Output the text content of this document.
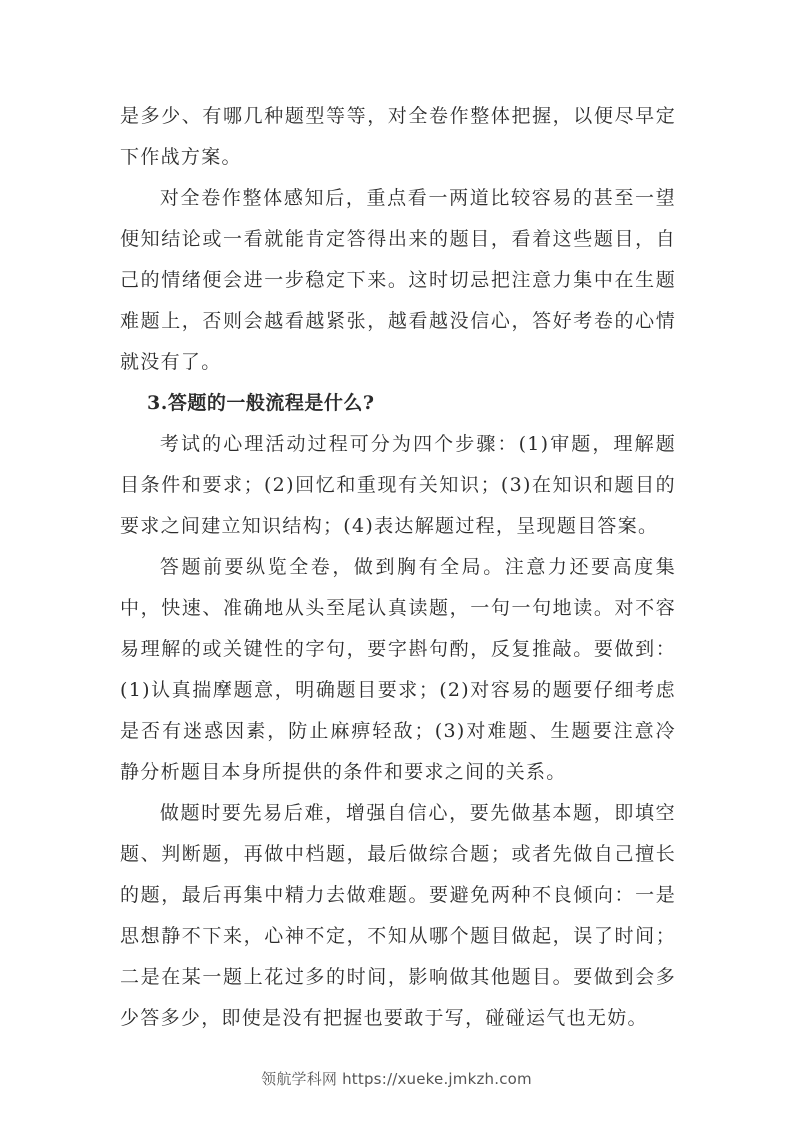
是多少、有哪几种题型等等，对全卷作整体把握，以便尽早定下作战方案。

对全卷作整体感知后，重点看一两道比较容易的甚至一望便知结论或一看就能肯定答得出来的题目，看着这些题目，自己的情绪便会进一步稳定下来。这时切忌把注意力集中在生题难题上，否则会越看越紧张，越看越没信心，答好考卷的心情就没有了。

3.答题的一般流程是什么?

考试的心理活动过程可分为四个步骤：(1)审题，理解题目条件和要求；(2)回忆和重现有关知识；(3)在知识和题目的要求之间建立知识结构；(4)表达解题过程，呈现题目答案。

答题前要纵览全卷，做到胸有全局。注意力还要高度集中，快速、准确地从头至尾认真读题，一句一句地读。对不容易理解的或关键性的字句，要字斟句酌，反复推敲。要做到：(1)认真揣摩题意，明确题目要求；(2)对容易的题要仔细考虑是否有迷惑因素，防止麻痹轻敌；(3)对难题、生题要注意冷静分析题目本身所提供的条件和要求之间的关系。

做题时要先易后难，增强自信心，要先做基本题，即填空题、判断题，再做中档题，最后做综合题；或者先做自己擅长的题，最后再集中精力去做难题。要避免两种不良倾向：一是思想静不下来，心神不定，不知从哪个题目做起，误了时间；二是在某一题上花过多的时间，影响做其他题目。要做到会多少答多少，即使是没有把握也要敢于写，碰碰运气也无妨。

领航学科网 https://xueke.jmkzh.com
